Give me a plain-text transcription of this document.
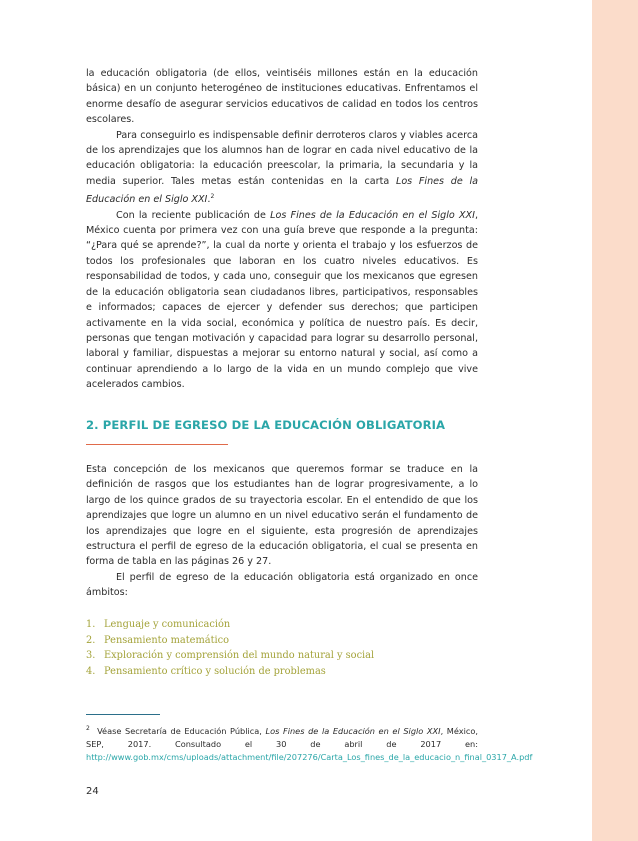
la educación obligatoria (de ellos, veintiséis millones están en la educación básica) en un conjunto heterogéneo de instituciones educativas. Enfrentamos el enorme desafío de asegurar servicios educativos de calidad en todos los centros escolares.

Para conseguirlo es indispensable definir derroteros claros y viables acerca de los aprendizajes que los alumnos han de lograr en cada nivel educativo de la educación obligatoria: la educación preescolar, la primaria, la secundaria y la media superior. Tales metas están contenidas en la carta Los Fines de la Educación en el Siglo XXI.$^2$

Con la reciente publicación de Los Fines de la Educación en el Siglo XXI, México cuenta por primera vez con una guía breve que responde a la pregunta: “¿Para qué se aprende?”, la cual da norte y orienta el trabajo y los esfuerzos de todos los profesionales que laboran en los cuatro niveles educativos. Es responsabilidad de todos, y cada uno, conseguir que los mexicanos que egresen de la educación obligatoria sean ciudadanos libres, participativos, responsables e informados; capaces de ejercer y defender sus derechos; que participen activamente en la vida social, económica y política de nuestro país. Es decir, personas que tengan motivación y capacidad para lograr su desarrollo personal, laboral y familiar, dispuestas a mejorar su entorno natural y social, así como a continuar aprendiendo a lo largo de la vida en un mundo complejo que vive acelerados cambios.

2. PERFIL DE EGRESO DE LA EDUCACIÓN OBLIGATORIA

Esta concepción de los mexicanos que queremos formar se traduce en la definición de rasgos que los estudiantes han de lograr progresivamente, a lo largo de los quince grados de su trayectoria escolar. En el entendido de que los aprendizajes que logre un alumno en un nivel educativo serán el fundamento de los aprendizajes que logre en el siguiente, esta progresión de aprendizajes estructura el perfil de egreso de la educación obligatoria, el cual se presenta en forma de tabla en las páginas 26 y 27.

El perfil de egreso de la educación obligatoria está organizado en once ámbitos:

1. Lenguaje y comunicación
2. Pensamiento matemático
3. Exploración y comprensión del mundo natural y social
4. Pensamiento crítico y solución de problemas
$^2$ Véase Secretaría de Educación Pública, Los Fines de la Educación en el Siglo XXI, México, SEP, 2017. Consultado el 30 de abril de 2017 en: http://www.gob.mx/cms/uploads/attachment/file/207276/Carta_Los_fines_de_la_educacio_n_final_0317_A.pdf
24
